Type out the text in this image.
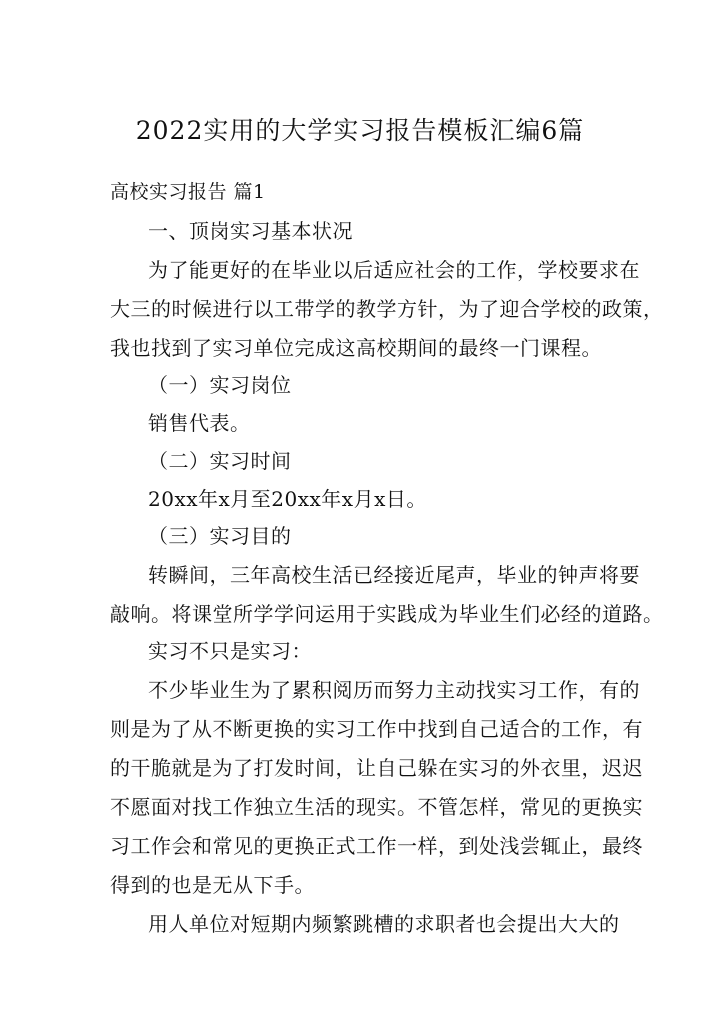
2022实用的大学实习报告模板汇编6篇
高校实习报告 篇1
一、顶岗实习基本状况
为了能更好的在毕业以后适应社会的工作，学校要求在
大三的时候进行以工带学的教学方针，为了迎合学校的政策，
我也找到了实习单位完成这高校期间的最终一门课程。
（一）实习岗位
销售代表。
（二）实习时间
20xx年x月至20xx年x月x日。
（三）实习目的
转瞬间，三年高校生活已经接近尾声，毕业的钟声将要
敲响。将课堂所学学问运用于实践成为毕业生们必经的道路。
实习不只是实习：
不少毕业生为了累积阅历而努力主动找实习工作，有的
则是为了从不断更换的实习工作中找到自己适合的工作，有
的干脆就是为了打发时间，让自己躲在实习的外衣里，迟迟
不愿面对找工作独立生活的现实。不管怎样，常见的更换实
习工作会和常见的更换正式工作一样，到处浅尝辄止，最终
得到的也是无从下手。
用人单位对短期内频繁跳槽的求职者也会提出大大的
